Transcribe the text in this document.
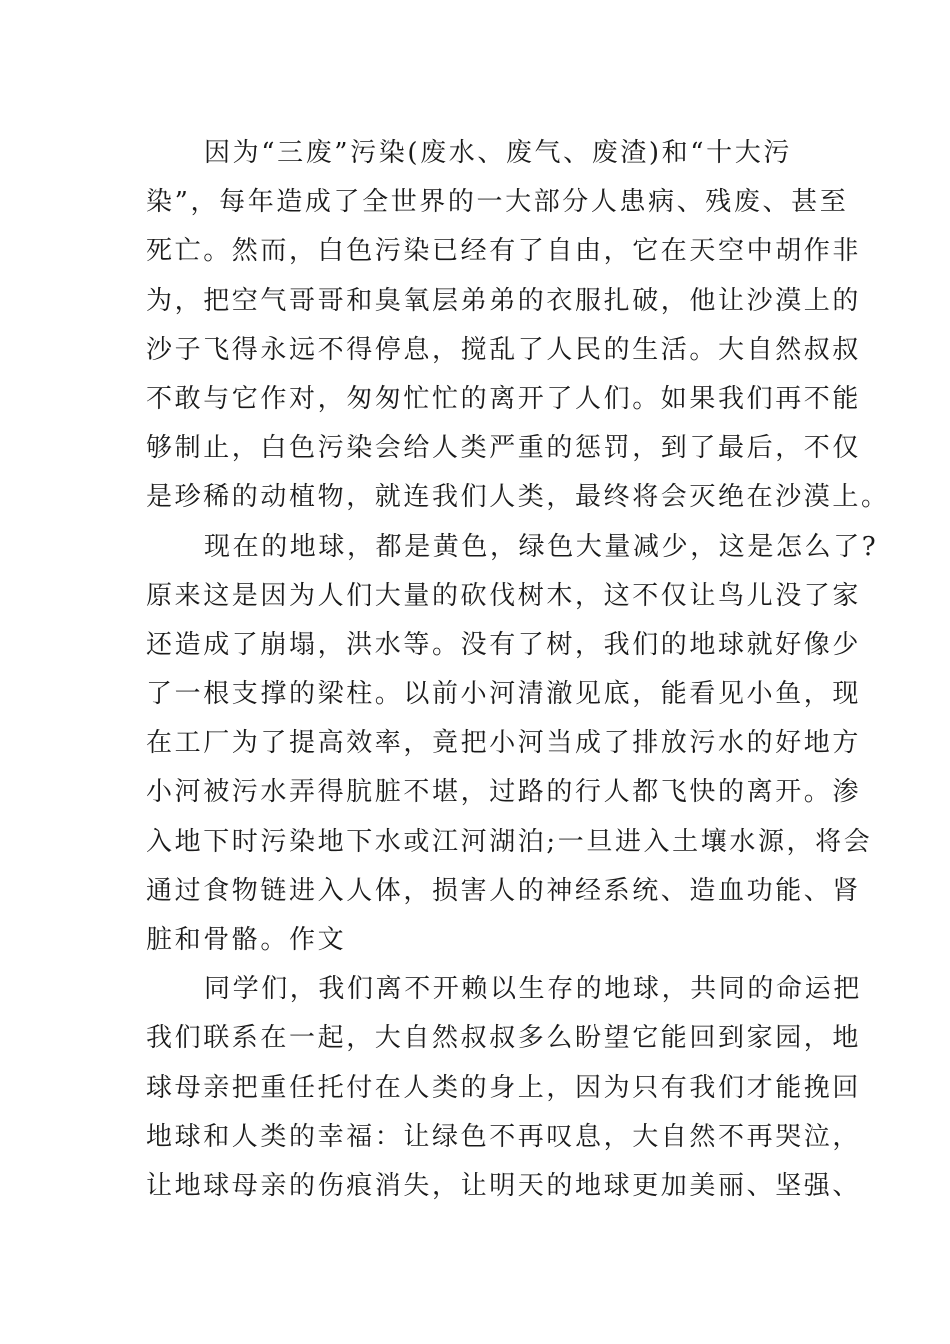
因为“三废”污染(废水、废气、废渣)和“十大污
染”，每年造成了全世界的一大部分人患病、残废、甚至
死亡。然而，白色污染已经有了自由，它在天空中胡作非
为，把空气哥哥和臭氧层弟弟的衣服扎破，他让沙漠上的
沙子飞得永远不得停息，搅乱了人民的生活。大自然叔叔
不敢与它作对，匆匆忙忙的离开了人们。如果我们再不能
够制止，白色污染会给人类严重的惩罚，到了最后，不仅
是珍稀的动植物，就连我们人类，最终将会灭绝在沙漠上。
现在的地球，都是黄色，绿色大量减少，这是怎么了?
原来这是因为人们大量的砍伐树木，这不仅让鸟儿没了家
还造成了崩塌，洪水等。没有了树，我们的地球就好像少
了一根支撑的梁柱。以前小河清澈见底，能看见小鱼，现
在工厂为了提高效率，竟把小河当成了排放污水的好地方
小河被污水弄得肮脏不堪，过路的行人都飞快的离开。渗
入地下时污染地下水或江河湖泊;一旦进入土壤水源，将会
通过食物链进入人体，损害人的神经系统、造血功能、肾
脏和骨骼。作文
同学们，我们离不开赖以生存的地球，共同的命运把
我们联系在一起，大自然叔叔多么盼望它能回到家园，地
球母亲把重任托付在人类的身上，因为只有我们才能挽回
地球和人类的幸福：让绿色不再叹息，大自然不再哭泣，
让地球母亲的伤痕消失，让明天的地球更加美丽、坚强、
